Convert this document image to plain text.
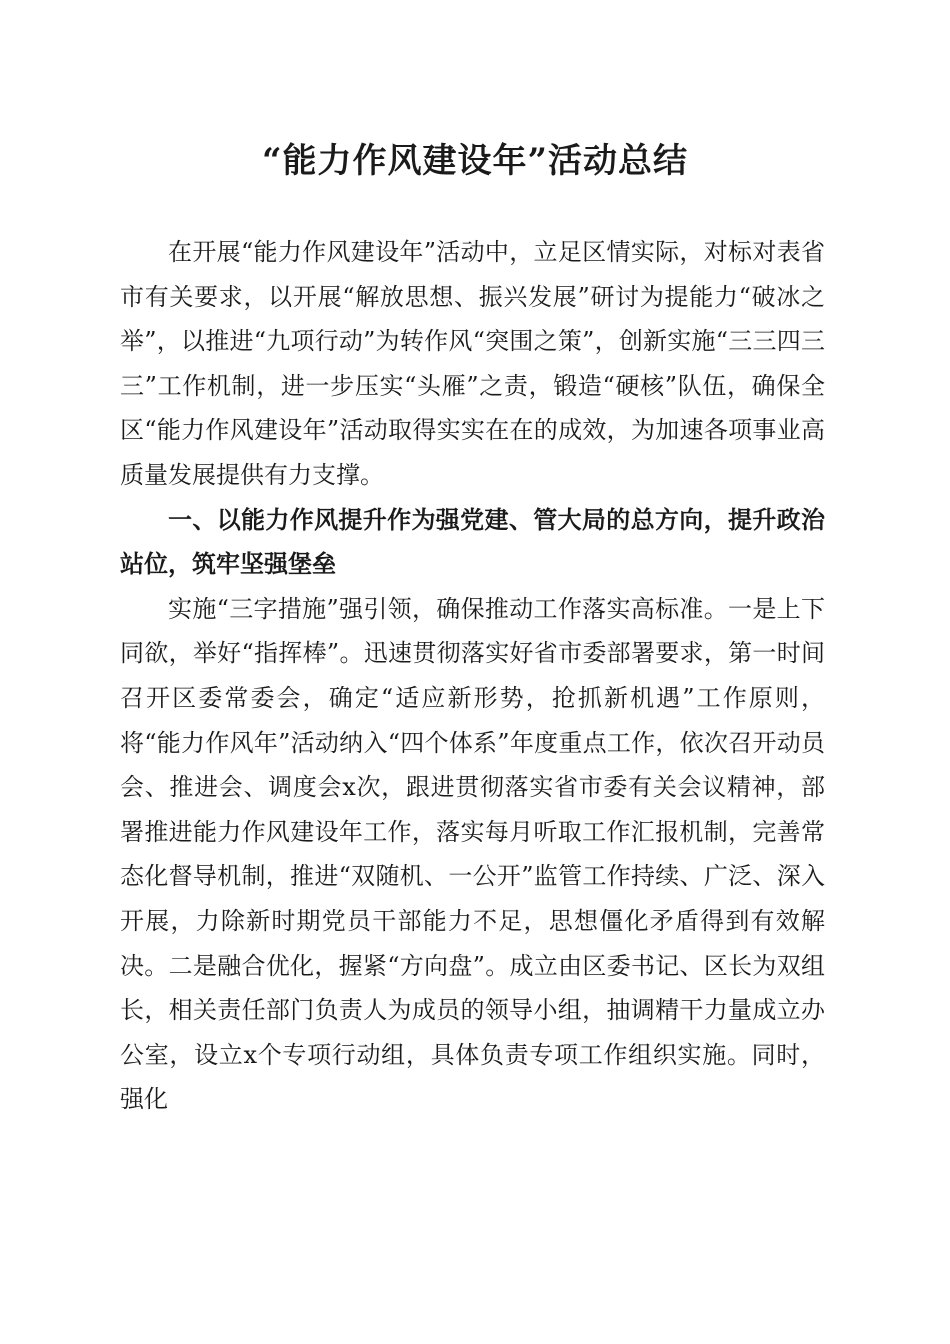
“能力作风建设年”活动总结

在开展“能力作风建设年”活动中，立足区情实际，对标对表省市有关要求，以开展“解放思想、振兴发展”研讨为提能力“破冰之举”，以推进“九项行动”为转作风“突围之策”，创新实施“三三四三三”工作机制，进一步压实“头雁”之责，锻造“硬核”队伍，确保全区“能力作风建设年”活动取得实实在在的成效，为加速各项事业高质量发展提供有力支撑。

一、以能力作风提升作为强党建、管大局的总方向，提升政治站位，筑牢坚强堡垒

实施“三字措施”强引领，确保推动工作落实高标准。一是上下同欲，举好“指挥棒”。迅速贯彻落实好省市委部署要求，第一时间召开区委常委会，确定“适应新形势，抢抓新机遇”工作原则，将“能力作风年”活动纳入“四个体系”年度重点工作，依次召开动员会、推进会、调度会x次，跟进贯彻落实省市委有关会议精神，部署推进能力作风建设年工作，落实每月听取工作汇报机制，完善常态化督导机制，推进“双随机、一公开”监管工作持续、广泛、深入开展，力除新时期党员干部能力不足，思想僵化矛盾得到有效解决。二是融合优化，握紧“方向盘”。成立由区委书记、区长为双组长，相关责任部门负责人为成员的领导小组，抽调精干力量成立办公室，设立x个专项行动组，具体负责专项工作组织实施。同时，强化
